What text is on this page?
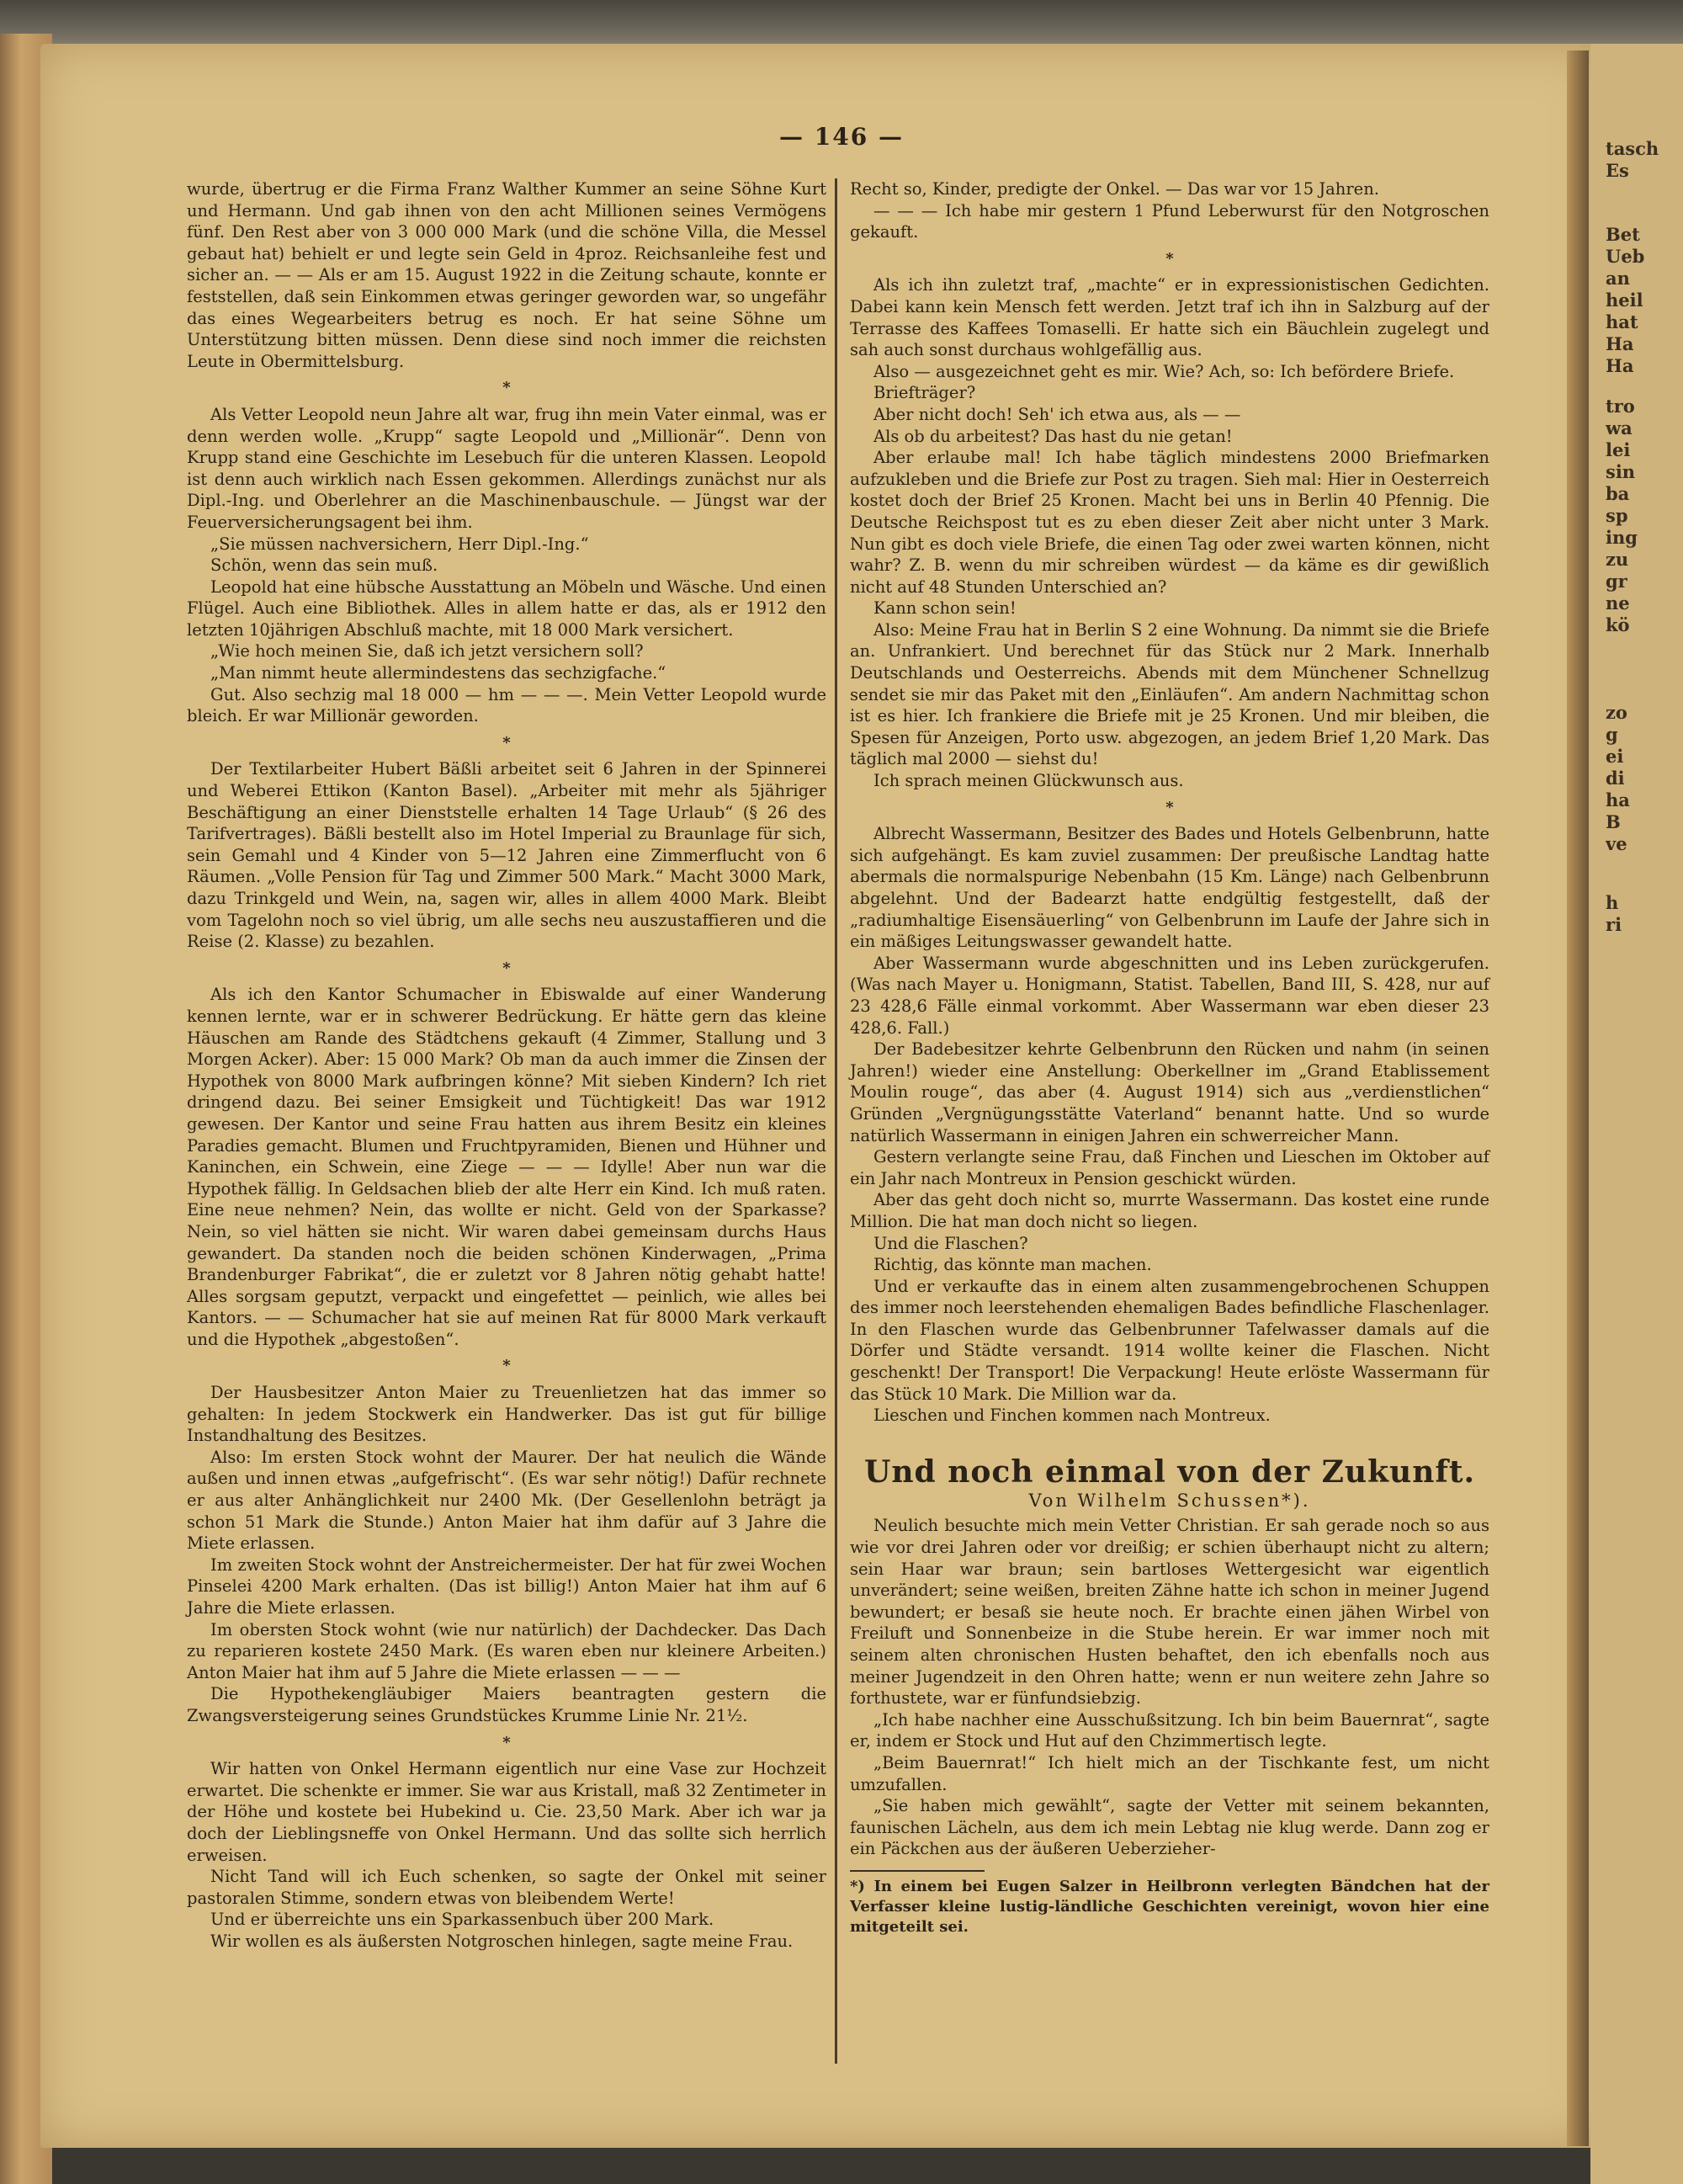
tasch
Es
Bet
Ueb
an
heil
hat
Ha
Ha
tro
wa
lei
sin
ba
sp
ing
zu
gr
ne
kö
zo
g
ei
di
ha
B
ve
h
ri
— 146 —

wurde, übertrug er die Firma Franz Walther Kummer an seine Söhne Kurt und Hermann. Und gab ihnen von den acht Millionen seines Vermögens fünf. Den Rest aber von 3 000 000 Mark (und die schöne Villa, die Messel gebaut hat) behielt er und legte sein Geld in 4proz. Reichsanleihe fest und sicher an. — — Als er am 15. August 1922 in die Zeitung schaute, konnte er feststellen, daß sein Einkommen etwas geringer geworden war, so ungefähr das eines Wegearbeiters betrug es noch. Er hat seine Söhne um Unterstützung bitten müssen. Denn diese sind noch immer die reichsten Leute in Obermittelsburg.

*

Als Vetter Leopold neun Jahre alt war, frug ihn mein Vater einmal, was er denn werden wolle. „Krupp“ sagte Leopold und „Millionär“. Denn von Krupp stand eine Geschichte im Lesebuch für die unteren Klassen. Leopold ist denn auch wirklich nach Essen gekommen. Allerdings zunächst nur als Dipl.-Ing. und Oberlehrer an die Maschinenbauschule. — Jüngst war der Feuerversicherungsagent bei ihm.

„Sie müssen nachversichern, Herr Dipl.-Ing.“

Schön, wenn das sein muß.

Leopold hat eine hübsche Ausstattung an Möbeln und Wäsche. Und einen Flügel. Auch eine Bibliothek. Alles in allem hatte er das, als er 1912 den letzten 10jährigen Abschluß machte, mit 18 000 Mark versichert.

„Wie hoch meinen Sie, daß ich jetzt versichern soll?

„Man nimmt heute allermindestens das sechzigfache.“

Gut. Also sechzig mal 18 000 — hm — — —. Mein Vetter Leopold wurde bleich. Er war Millionär geworden.

*

Der Textilarbeiter Hubert Bäßli arbeitet seit 6 Jahren in der Spinnerei und Weberei Ettikon (Kanton Basel). „Arbeiter mit mehr als 5jähriger Beschäftigung an einer Dienststelle erhalten 14 Tage Urlaub“ (§ 26 des Tarifvertrages). Bäßli bestellt also im Hotel Imperial zu Braunlage für sich, sein Gemahl und 4 Kinder von 5—12 Jahren eine Zimmerflucht von 6 Räumen. „Volle Pension für Tag und Zimmer 500 Mark.“ Macht 3000 Mark, dazu Trinkgeld und Wein, na, sagen wir, alles in allem 4000 Mark. Bleibt vom Tagelohn noch so viel übrig, um alle sechs neu auszustaffieren und die Reise (2. Klasse) zu bezahlen.

*

Als ich den Kantor Schumacher in Ebiswalde auf einer Wanderung kennen lernte, war er in schwerer Bedrückung. Er hätte gern das kleine Häuschen am Rande des Städtchens gekauft (4 Zimmer, Stallung und 3 Morgen Acker). Aber: 15 000 Mark? Ob man da auch immer die Zinsen der Hypothek von 8000 Mark aufbringen könne? Mit sieben Kindern? Ich riet dringend dazu. Bei seiner Emsigkeit und Tüchtigkeit! Das war 1912 gewesen. Der Kantor und seine Frau hatten aus ihrem Besitz ein kleines Paradies gemacht. Blumen und Fruchtpyramiden, Bienen und Hühner und Kaninchen, ein Schwein, eine Ziege — — — Idylle! Aber nun war die Hypothek fällig. In Geldsachen blieb der alte Herr ein Kind. Ich muß raten. Eine neue nehmen? Nein, das wollte er nicht. Geld von der Sparkasse? Nein, so viel hätten sie nicht. Wir waren dabei gemeinsam durchs Haus gewandert. Da standen noch die beiden schönen Kinderwagen, „Prima Brandenburger Fabrikat“, die er zuletzt vor 8 Jahren nötig gehabt hatte! Alles sorgsam geputzt, verpackt und eingefettet — peinlich, wie alles bei Kantors. — — Schumacher hat sie auf meinen Rat für 8000 Mark verkauft und die Hypothek „abgestoßen“.

*

Der Hausbesitzer Anton Maier zu Treuenlietzen hat das immer so gehalten: In jedem Stockwerk ein Handwerker. Das ist gut für billige Instandhaltung des Besitzes.

Also: Im ersten Stock wohnt der Maurer. Der hat neulich die Wände außen und innen etwas „aufgefrischt“. (Es war sehr nötig!) Dafür rechnete er aus alter Anhänglichkeit nur 2400 Mk. (Der Gesellenlohn beträgt ja schon 51 Mark die Stunde.) Anton Maier hat ihm dafür auf 3 Jahre die Miete erlassen.

Im zweiten Stock wohnt der Anstreichermeister. Der hat für zwei Wochen Pinselei 4200 Mark erhalten. (Das ist billig!) Anton Maier hat ihm auf 6 Jahre die Miete erlassen.

Im obersten Stock wohnt (wie nur natürlich) der Dachdecker. Das Dach zu reparieren kostete 2450 Mark. (Es waren eben nur kleinere Arbeiten.) Anton Maier hat ihm auf 5 Jahre die Miete erlassen — — —

Die Hypothekengläubiger Maiers beantragten gestern die Zwangsversteigerung seines Grundstückes Krumme Linie Nr. 21½.

*

Wir hatten von Onkel Hermann eigentlich nur eine Vase zur Hochzeit erwartet. Die schenkte er immer. Sie war aus Kristall, maß 32 Zentimeter in der Höhe und kostete bei Hubekind u. Cie. 23,50 Mark. Aber ich war ja doch der Lieblingsneffe von Onkel Hermann. Und das sollte sich herrlich erweisen.

Nicht Tand will ich Euch schenken, so sagte der Onkel mit seiner pastoralen Stimme, sondern etwas von bleibendem Werte!

Und er überreichte uns ein Sparkassenbuch über 200 Mark.

Wir wollen es als äußersten Notgroschen hinlegen, sagte meine Frau.

Recht so, Kinder, predigte der Onkel. — Das war vor 15 Jahren.

— — — Ich habe mir gestern 1 Pfund Leberwurst für den Notgroschen gekauft.

*

Als ich ihn zuletzt traf, „machte“ er in expressionistischen Gedichten. Dabei kann kein Mensch fett werden. Jetzt traf ich ihn in Salzburg auf der Terrasse des Kaffees Tomaselli. Er hatte sich ein Bäuchlein zugelegt und sah auch sonst durchaus wohlgefällig aus.

Also — ausgezeichnet geht es mir. Wie? Ach, so: Ich befördere Briefe.

Briefträger?

Aber nicht doch! Seh' ich etwa aus, als — —

Als ob du arbeitest? Das hast du nie getan!

Aber erlaube mal! Ich habe täglich mindestens 2000 Briefmarken aufzukleben und die Briefe zur Post zu tragen. Sieh mal: Hier in Oesterreich kostet doch der Brief 25 Kronen. Macht bei uns in Berlin 40 Pfennig. Die Deutsche Reichspost tut es zu eben dieser Zeit aber nicht unter 3 Mark. Nun gibt es doch viele Briefe, die einen Tag oder zwei warten können, nicht wahr? Z. B. wenn du mir schreiben würdest — da käme es dir gewißlich nicht auf 48 Stunden Unterschied an?

Kann schon sein!

Also: Meine Frau hat in Berlin S 2 eine Wohnung. Da nimmt sie die Briefe an. Unfrankiert. Und berechnet für das Stück nur 2 Mark. Innerhalb Deutschlands und Oesterreichs. Abends mit dem Münchener Schnellzug sendet sie mir das Paket mit den „Einläufen“. Am andern Nachmittag schon ist es hier. Ich frankiere die Briefe mit je 25 Kronen. Und mir bleiben, die Spesen für Anzeigen, Porto usw. abgezogen, an jedem Brief 1,20 Mark. Das täglich mal 2000 — siehst du!

Ich sprach meinen Glückwunsch aus.

*

Albrecht Wassermann, Besitzer des Bades und Hotels Gelbenbrunn, hatte sich aufgehängt. Es kam zuviel zusammen: Der preußische Landtag hatte abermals die normalspurige Nebenbahn (15 Km. Länge) nach Gelbenbrunn abgelehnt. Und der Badearzt hatte endgültig festgestellt, daß der „radiumhaltige Eisensäuerling“ von Gelbenbrunn im Laufe der Jahre sich in ein mäßiges Leitungswasser gewandelt hatte.

Aber Wassermann wurde abgeschnitten und ins Leben zurückgerufen. (Was nach Mayer u. Honigmann, Statist. Tabellen, Band III, S. 428, nur auf 23 428,6 Fälle einmal vorkommt. Aber Wassermann war eben dieser 23 428,6. Fall.)

Der Badebesitzer kehrte Gelbenbrunn den Rücken und nahm (in seinen Jahren!) wieder eine Anstellung: Oberkellner im „Grand Etablissement Moulin rouge“, das aber (4. August 1914) sich aus „verdienstlichen“ Gründen „Vergnügungsstätte Vaterland“ benannt hatte. Und so wurde natürlich Wassermann in einigen Jahren ein schwerreicher Mann.

Gestern verlangte seine Frau, daß Finchen und Lieschen im Oktober auf ein Jahr nach Montreux in Pension geschickt würden.

Aber das geht doch nicht so, murrte Wassermann. Das kostet eine runde Million. Die hat man doch nicht so liegen.

Und die Flaschen?

Richtig, das könnte man machen.

Und er verkaufte das in einem alten zusammengebrochenen Schuppen des immer noch leerstehenden ehemaligen Bades befindliche Flaschenlager. In den Flaschen wurde das Gelbenbrunner Tafelwasser damals auf die Dörfer und Städte versandt. 1914 wollte keiner die Flaschen. Nicht geschenkt! Der Transport! Die Verpackung! Heute erlöste Wassermann für das Stück 10 Mark. Die Million war da.

Lieschen und Finchen kommen nach Montreux.

Und noch einmal von der Zukunft.
Von Wilhelm Schussen*).

Neulich besuchte mich mein Vetter Christian. Er sah gerade noch so aus wie vor drei Jahren oder vor dreißig; er schien überhaupt nicht zu altern; sein Haar war braun; sein bartloses Wettergesicht war eigentlich unverändert; seine weißen, breiten Zähne hatte ich schon in meiner Jugend bewundert; er besaß sie heute noch. Er brachte einen jähen Wirbel von Freiluft und Sonnenbeize in die Stube herein. Er war immer noch mit seinem alten chronischen Husten behaftet, den ich ebenfalls noch aus meiner Jugendzeit in den Ohren hatte; wenn er nun weitere zehn Jahre so forthustete, war er fünfundsiebzig.

„Ich habe nachher eine Ausschußsitzung. Ich bin beim Bauernrat“, sagte er, indem er Stock und Hut auf den Chzimmertisch legte.

„Beim Bauernrat!“ Ich hielt mich an der Tischkante fest, um nicht umzufallen.

„Sie haben mich gewählt“, sagte der Vetter mit seinem bekannten, faunischen Lächeln, aus dem ich mein Lebtag nie klug werde. Dann zog er ein Päckchen aus der äußeren Ueberzieher-

*) In einem bei Eugen Salzer in Heilbronn verlegten Bändchen hat der Verfasser kleine lustig-ländliche Geschichten vereinigt, wovon hier eine mitgeteilt sei.
